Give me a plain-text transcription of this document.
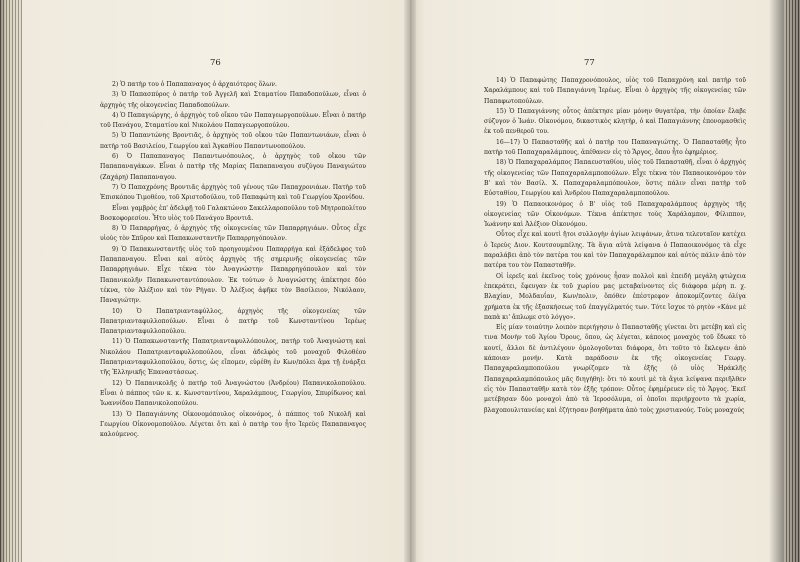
76

2) Ὁ πατὴρ του ὁ Παπαπαναγος ὁ ἀρχαιότερος ὅλων.

3) Ὁ Παπασπύρος ὁ πατὴρ τοῦ Ἀγγελῆ καὶ Σταματίου Παπαδοπούλων, εἶναι ὁ ἀρχηγὸς τῆς οἰκογενείας Παπαδοπούλων.

4) Ὁ Παπαγιώργης, ὁ ἀρχηγὸς τοῦ οἴκου τῶν Παπαγεωργοπούλων. Εἶναι ὁ πατὴρ τοῦ Πανάγου, Σταματίου καὶ Νικολάου Παπαγεωργοπούλου.

5) Ὁ Παπαντώνης Βροντιᾶς, ὁ ἀρχηγὸς τοῦ οἴκου τῶν Παπαντωνιάων, εἶναι ὁ πατὴρ τοῦ Βασιλείου, Γεωργίου καὶ Ἀγκαθίου Παπαντωνοπούλου.

6) Ὁ Παπαπαναγος Παπαντωνόπουλος, ὁ ἀρχηγὸς τοῦ οἴκου τῶν Παπαπαναγάκων. Εἶναι ὁ πατὴρ τῆς Μαρίας Παπαπαναγου συζύγου Παναγιώτου (Ζαχάρη) Παπαπαναγου.

7) Ὁ Παπαχρόνης Βροντιᾶς ἀρχηγὸς τοῦ γένους τῶν Παπαχρονιάων. Πατὴρ τοῦ Ἐπισκόπου Τιμοθέου, τοῦ Χριστοδούλου, τοῦ Παπαφώτη καὶ τοῦ Γεωργίου Χρονίδου.

Εἶναι γαμβρὸς ἐπ' ἀδελφῇ τοῦ Γαλακτώνου Σακελλαροπούλου τοῦ Μητροπολίτου Βοσκοφορεσίου. Ἦτο υἱὸς τοῦ Πανάγου Βροντιᾶ.

8) Ὁ Παπαρρήγας, ὁ ἀρχηγὸς τῆς οἰκογενείας τῶν Παπαρρηγιάων. Οὗτος εἶχε υἱοὺς τὸν Σπῦρον καὶ Παπακωνσταντῆν Παπαρρηγόπουλον.

9) Ὁ Παπακωνσταντῆς υἱὸς τοῦ προηγουμένου Παπαρρήγα καὶ ἐξάδελφος τοῦ Παπαπαναγου. Εἶναι καὶ αὐτὸς ἀρχηγὸς τῆς σημερινῆς οἰκογενείας τῶν Παπαρρηγιάων. Εἶχε τέκνα τὸν Ἀναγνώστην Παπαρρηγόπουλον καὶ τὸν Παπανικολῆν Παπακωνσταντόπουλον. Ἐκ τούτων ὁ Ἀναγνώστης ἀπέκτησε δύο τέκνα, τὸν Ἀλέξιον καὶ τὸν Ρήγαν. Ὁ Ἀλέξιος ἀφῆκε τὸν Βασίλειον, Νικόλαον, Παναγιώτην.

10) Ὁ Παπατριανταφύλλος, ἀρχηγὸς τῆς οἰκογενείας τῶν Παπατριανταφυλλοπούλων. Εἶναι ὁ πατὴρ τοῦ Κωνσταντίνου Ἱερέως Παπατριανταφυλλοπούλου.

11) Ὁ Παπακωνσταντῆς Παπατριανταφυλλόπουλος, πατὴρ τοῦ Ἀναγνώστη καὶ Νικολάου Παπατριανταφυλλοπούλου, εἶναι ἀδελφὸς τοῦ μοναχοῦ Φιλοθέου Παπατριανταφυλλοπούλου, ὅστις, ὡς εἴπομεν, εὑρέθη ἐν Κων/πόλει ἅμα τῇ ἐνάρξει τῆς Ἑλληνικῆς Ἐπαναστάσεως.

12) Ὁ Παπανικολῆς ὁ πατὴρ τοῦ Ἀναγνώστου (Ἀνδρέου) Παπανικολοπούλου. Εἶναι ὁ πάππος τῶν κ. κ. Κωνσταντίνου, Χαραλάμπους, Γεωργίου, Σπυρίδωνος καὶ Ἰωαννίδου Παπανικολοπούλου.

13) Ὁ Παπαγιάννης Οἰκονομόπουλος οἰκονόμος, ὁ πάππος τοῦ Νικολῆ καὶ Γεωργίου Οἰκονομοπούλου. Λέγεται ὅτι καὶ ὁ πατὴρ του ἦτο Ἱερεὺς Παπαπαναγος καλούμενος.

77

14) Ὁ Παπαφώτης Παπαχρονόπουλος, υἱὸς τοῦ Παπαχρόνη καὶ πατὴρ τοῦ Χαραλάμπους καὶ τοῦ Παπαγιάννη Ἱερέως. Εἶναι ὁ ἀρχηγὸς τῆς οἰκογενείας τῶν Παπαφωτοπούλων.

15) Ὁ Παπαγιάννης οὗτος ἀπέκτησε μίαν μόνην θυγατέρα, τὴν ὁποίαν ἔλαβε σύζυγον ὁ Ἰωάν. Οἰκονόμου, δικαστικὸς κλητήρ, ὁ καὶ Παπαγιάννης ἐπονομασθεὶς ἐκ τοῦ πενθεροῦ του.

16—17) Ὁ Παπασταθῆς καὶ ὁ πατὴρ του Παπαναγιώτης. Ὁ Παπασταθῆς ἦτο πατὴρ τοῦ Παπαχαραλάμπους, ἀπέθανεν εἰς τὸ Ἄργος, ὅπου ἦτο ἐφημέριος.

18) Ὁ Παπαχαραλάμπος Παπαευσταθίου, υἱὸς τοῦ Παπασταθῆ, εἶναι ὁ ἀρχηγὸς τῆς οἰκογενείας τῶν Παπαχαραλαμποπούλων. Εἶχε τέκνα τὸν Παπαοικονόμου τὸν Β' καὶ τὸν Βασίλ. Χ. Παπαχαραλαμπόπουλον, ὅστις πάλιν εἶναι πατὴρ τοῦ Εὐσταθίου, Γεωργίου καὶ Ἀνδρέου Παπαχαραλαμποπούλου.

19) Ὁ Παπαοικονόμος ὁ Β' υἱὸς τοῦ Παπαχαραλάμπους ἀρχηγὸς τῆς οἰκογενείας τῶν Οἰκονόμων. Τέκνα ἀπέκτησε τοὺς Χαράλαμπον, Φίλιππον, Ἰωάννην καὶ Ἀλέξιον Οἰκονόμου.

Οὗτος εἶχε καὶ κουτὶ ἤτοι συλλογὴν ἁγίων λειψάνων, ἅτινα τελευταῖον κατέχει ὁ Ἱερεὺς Διον. Κουτσουμπέλης. Τὰ ἅγια αὐτὰ λείψανα ὁ Παπαοικονόμος τὰ εἶχε παραλάβει ἀπὸ τὸν πατέρα του καὶ τὸν Παπαχαράλαμπον καὶ αὐτὸς πάλιν ἀπὸ τὸν πατέρα του τὸν Παπασταθῆν.

Οἱ ἱερεῖς καὶ ἐκεῖνος τοὺς χρόνους ἦσαν πολλοὶ καὶ ἐπειδὴ μεγάλη φτώχεια ἐπεκράτει, ἔφευγαν ἐκ τοῦ χωρίου μας μεταβαίνοντες εἰς διάφορα μέρη π. χ. Βλαχίαν, Μολδαυΐαν, Κων/πολιν, ὅπόθεν ἐπέστρεφον ἀποκομίζοντες ὀλίγα χρήματα ἐκ τῆς ἐξασκήσεως τοῦ ἐπαγγέλματός των. Τότε ἴσχυε τὸ ρητὸν «Κάνε μὲ παπὰ κι' ἄπλωμε στὸ λόγγο».

Εἰς μίαν τοιαύτην λοιπὸν περιήγησιν ὁ Παπασταθῆς γίνεται ὅτι μετέβη καὶ εἰς τινα Μονὴν τοῦ Ἁγίου Ὄρους, ὅπου, ὡς λέγεται, κάποιος μοναχὸς τοῦ ἔδωκε τὸ κουτί, ἄλλοι δὲ ἀντιλέγουν ὁμολογοῦνται διάφορα, ὅτι τοῦτο τὸ ἔκλεψεν ἀπὸ κάποιαν μονήν. Κατὰ παράδοσιν ἐκ τῆς οἰκογενείας Γεωργ. Παπαχαραλαμποπούλου γνωρίζομεν τὰ ἑξῆς (ὁ υἱὸς Ἡράκλῆς Παπαχαραλαμπόπουλος μᾶς διηγήθη): ὅτι τὸ κουτὶ μὲ τὰ ἅγια λείψανα περιῆλθεν εἰς τὸν Παπασταθῆν κατὰ τὸν ἑξῆς τρόπον: Οὗτος ἐφημέρευεν εἰς τὸ Ἄργος. Ἐκεῖ μετέβησαν δύο μοναχοὶ ἀπὸ τὰ Ἱεροσόλυμα, οἱ ὁποῖοι περιήρχοντο τὰ χωρία, βλαχοπουλιτανείας καὶ ἐζήτησαν βοηθήματα ἀπὸ τοὺς χριστιανούς. Τοὺς μοναχούς
